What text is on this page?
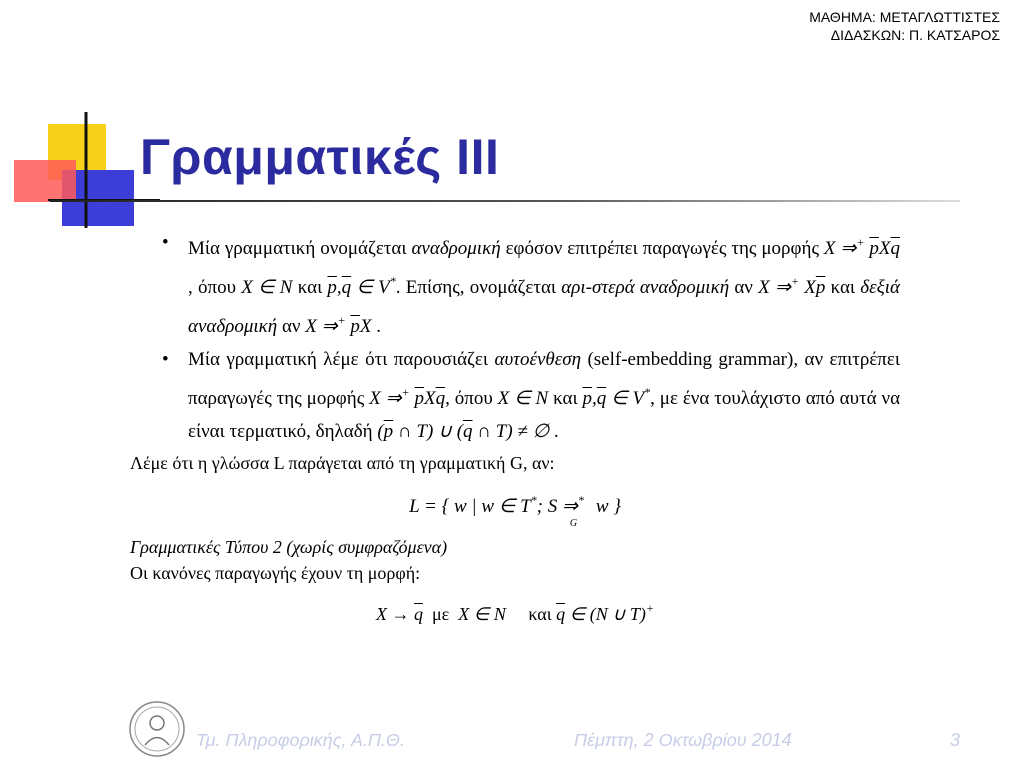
ΜΑΘΗΜΑ: ΜΕΤΑΓΛΩΤΤΙΣΤΕΣ
ΔΙΔΑΣΚΩΝ: Π. ΚΑΤΣΑΡΟΣ
Γραμματικές ΙΙΙ
• Μία γραμματική ονομάζεται αναδρομική εφόσον επιτρέπει παραγωγές της μορφής X ⇒+ $\overline{p}X\overline{q}$ , όπου X ∈ N και $\overline{p},\overline{q}$ ∈ V*. Επίσης, ονομάζεται αρι-στερά αναδρομική αν X ⇒+ $X\overline{p}$ και δεξιά αναδρομική αν X ⇒+ $\overline{p}X$ .
• Μία γραμματική λέμε ότι παρουσιάζει αυτοένθεση (self-embedding grammar), αν επιτρέπει παραγωγές της μορφής X ⇒+ $\overline{p}X\overline{q}$, όπου X ∈ N και $\overline{p},\overline{q}$ ∈ V*, με ένα τουλάχιστο από αυτά να είναι τερματικό, δηλαδή ($\overline{p}$ ∩ T) ∪ ($\overline{q}$ ∩ T) ≠ ∅ .
Λέμε ότι η γλώσσα L παράγεται από τη γραμματική G, αν:
L = { w | w ∈ T*; S ⇒*G w }
Γραμματικές Τύπου 2 (χωρίς συμφραζόμενα)
Οι κανόνες παραγωγής έχουν τη μορφή:
$X \to \overline{q}$ με X ∈ N και $\overline{q}$ ∈ (N ∪ T)+
Τμ. Πληροφορικής, Α.Π.Θ.	Πέμπτη, 2 Οκτωβρίου 2014	3
